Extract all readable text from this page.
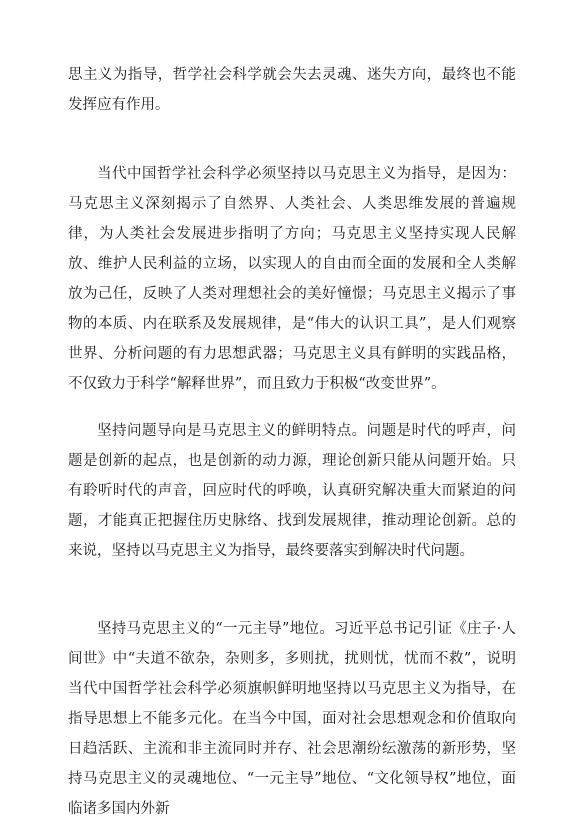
思主义为指导，哲学社会科学就会失去灵魂、迷失方向，最终也不能发挥应有作用。

当代中国哲学社会科学必须坚持以马克思主义为指导，是因为：马克思主义深刻揭示了自然界、人类社会、人类思维发展的普遍规律，为人类社会发展进步指明了方向；马克思主义坚持实现人民解放、维护人民利益的立场，以实现人的自由而全面的发展和全人类解放为己任，反映了人类对理想社会的美好憧憬；马克思主义揭示了事物的本质、内在联系及发展规律，是“伟大的认识工具”，是人们观察世界、分析问题的有力思想武器；马克思主义具有鲜明的实践品格，不仅致力于科学“解释世界”，而且致力于积极“改变世界”。

坚持问题导向是马克思主义的鲜明特点。问题是时代的呼声，问题是创新的起点，也是创新的动力源，理论创新只能从问题开始。只有聆听时代的声音，回应时代的呼唤，认真研究解决重大而紧迫的问题，才能真正把握住历史脉络、找到发展规律，推动理论创新。总的来说，坚持以马克思主义为指导，最终要落实到解决时代问题。

坚持马克思主义的“一元主导”地位。习近平总书记引证《庄子·人间世》中“夫道不欲杂，杂则多，多则扰，扰则忧，忧而不救”，说明当代中国哲学社会科学必须旗帜鲜明地坚持以马克思主义为指导，在指导思想上不能多元化。在当今中国，面对社会思想观念和价值取向日趋活跃、主流和非主流同时并存、社会思潮纷纭激荡的新形势，坚持马克思主义的灵魂地位、“一元主导”地位、“文化领导权”地位，面临诸多国内外新
